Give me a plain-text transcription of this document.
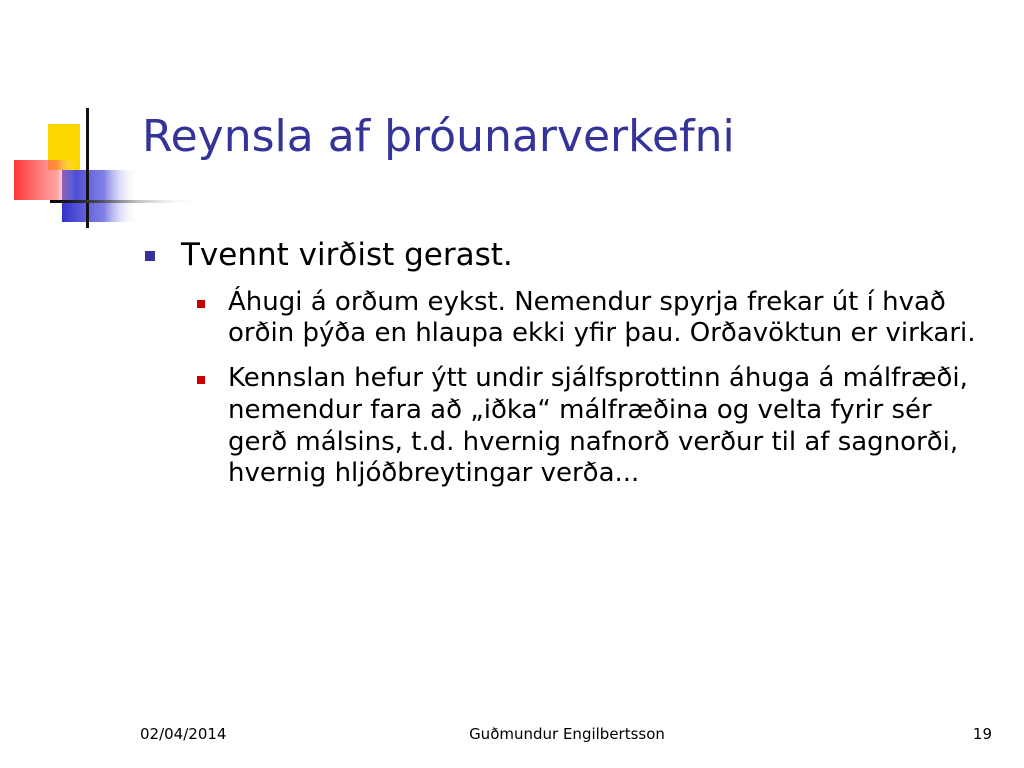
Reynsla af þróunarverkefni
Tvennt virðist gerast.
Áhugi á orðum eykst. Nemendur spyrja frekar út í hvað orðin þýða en hlaupa ekki yfir þau. Orðavöktun er virkari.
Kennslan hefur ýtt undir sjálfsprottinn áhuga á málfræði, nemendur fara að „iðka“ málfræðina og velta fyrir sér gerð málsins, t.d. hvernig nafnorð verður til af sagnorði, hvernig hljóðbreytingar verða...
02/04/2014	Guðmundur Engilbertsson	19
